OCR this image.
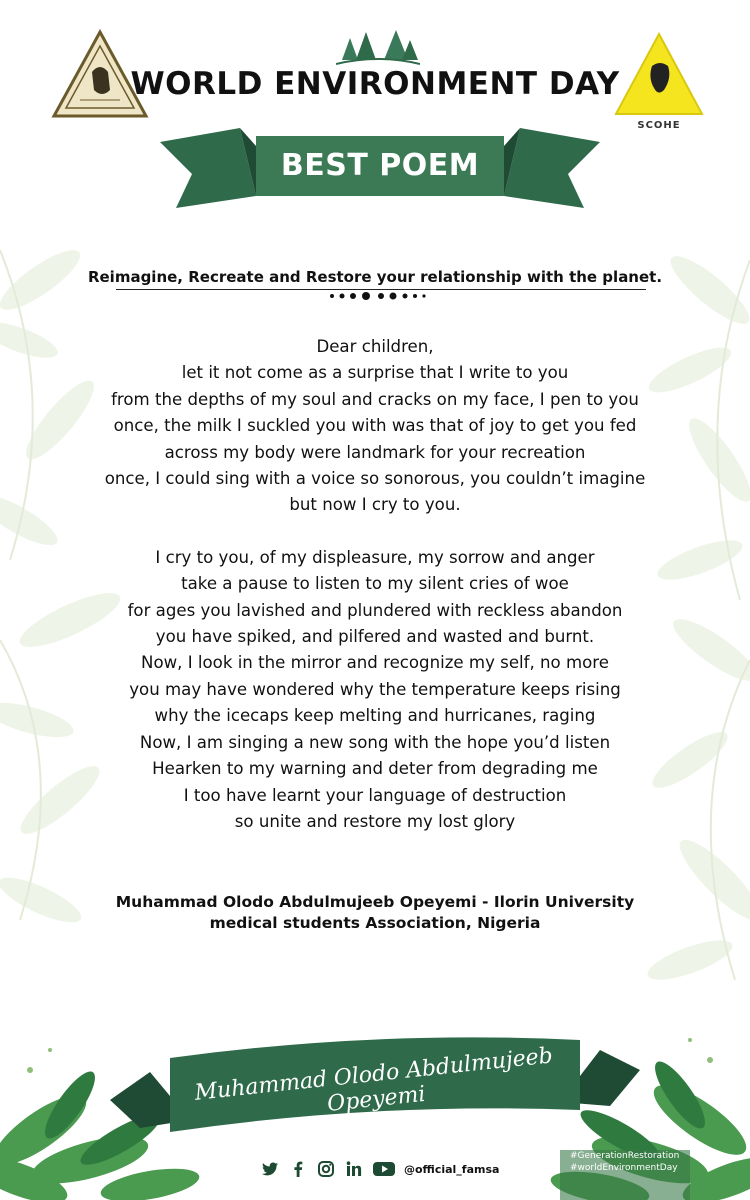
WORLD ENVIRONMENT DAY
SCOHE
BEST POEM
Reimagine, Recreate and Restore your relationship with the planet.
Dear children,
let it not come as a surprise that I write to you
from the depths of my soul and cracks on my face, I pen to you
once, the milk I suckled you with was that of joy to get you fed
across my body were landmark for your recreation
once, I could sing with a voice so sonorous, you couldn’t imagine
but now I cry to you.
I cry to you, of my displeasure, my sorrow and anger
take a pause to listen to my silent cries of woe
for ages you lavished and plundered with reckless abandon
you have spiked, and pilfered and wasted and burnt.
Now, I look in the mirror and recognize my self, no more
you may have wondered why the temperature keeps rising
why the icecaps keep melting and hurricanes, raging
Now, I am singing a new song with the hope you’d listen
Hearken to my warning and deter from degrading me
I too have learnt your language of destruction
so unite and restore my lost glory
Muhammad Olodo Abdulmujeeb Opeyemi - Ilorin University
medical students Association, Nigeria
Muhammad Olodo Abdulmujeeb Opeyemi
@official_famsa
#GenerationRestoration
#worldEnvironmentDay
